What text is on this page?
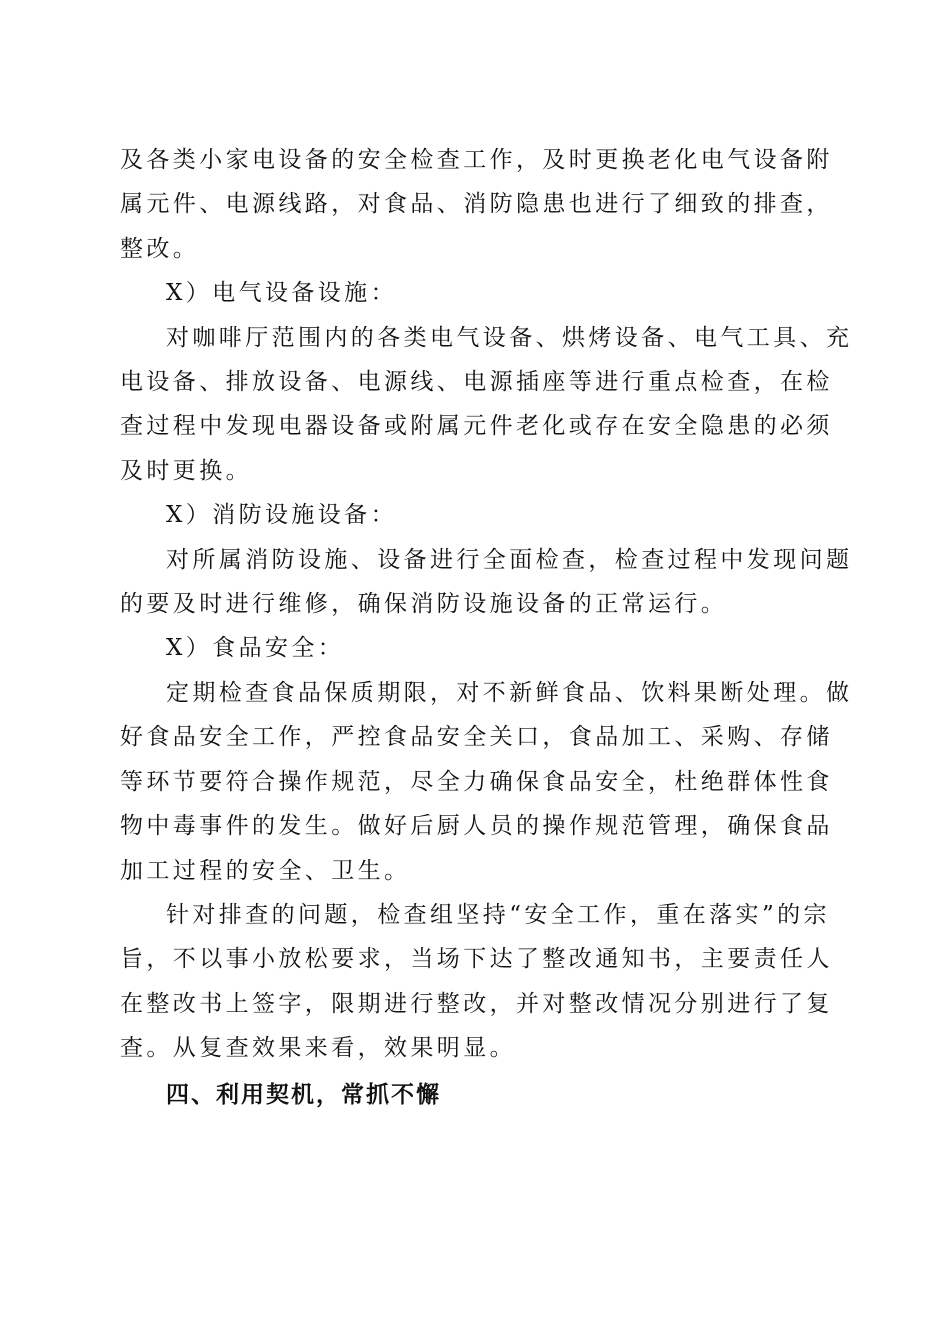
及各类小家电设备的安全检查工作，及时更换老化电气设备附
属元件、电源线路，对食品、消防隐患也进行了细致的排查，
整改。

X）电气设备设施：

对咖啡厅范围内的各类电气设备、烘烤设备、电气工具、充
电设备、排放设备、电源线、电源插座等进行重点检查，在检
查过程中发现电器设备或附属元件老化或存在安全隐患的必须
及时更换。

X）消防设施设备：

对所属消防设施、设备进行全面检查，检查过程中发现问题
的要及时进行维修，确保消防设施设备的正常运行。

X）食品安全：

定期检查食品保质期限，对不新鲜食品、饮料果断处理。做
好食品安全工作，严控食品安全关口，食品加工、采购、存储
等环节要符合操作规范，尽全力确保食品安全，杜绝群体性食
物中毒事件的发生。做好后厨人员的操作规范管理，确保食品
加工过程的安全、卫生。

针对排查的问题，检查组坚持“安全工作，重在落实”的宗
旨，不以事小放松要求，当场下达了整改通知书，主要责任人
在整改书上签字，限期进行整改，并对整改情况分别进行了复
查。从复查效果来看，效果明显。

四、利用契机，常抓不懈
